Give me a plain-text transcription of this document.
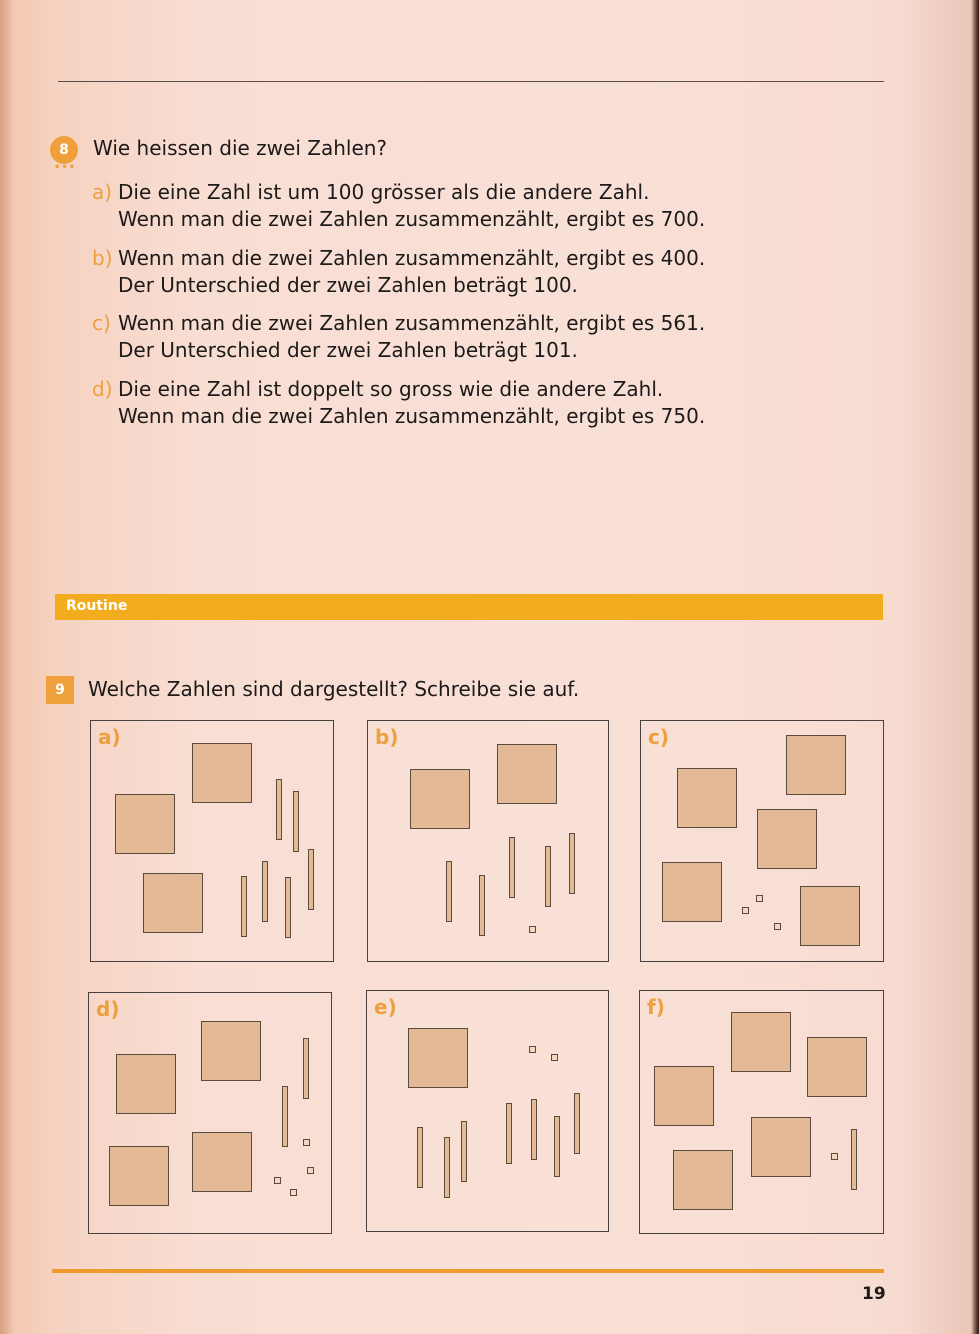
8
•••
Wie heissen die zwei Zahlen?
a) Die eine Zahl ist um 100 grösser als die andere Zahl.
Wenn man die zwei Zahlen zusammenzählt, ergibt es 700.
b) Wenn man die zwei Zahlen zusammenzählt, ergibt es 400.
Der Unterschied der zwei Zahlen beträgt 100.
c) Wenn man die zwei Zahlen zusammenzählt, ergibt es 561.
Der Unterschied der zwei Zahlen beträgt 101.
d) Die eine Zahl ist doppelt so gross wie die andere Zahl.
Wenn man die zwei Zahlen zusammenzählt, ergibt es 750.
Routine
9	Welche Zahlen sind dargestellt? Schreibe sie auf.
a)	b)	c)
d)	e)	f)
19
